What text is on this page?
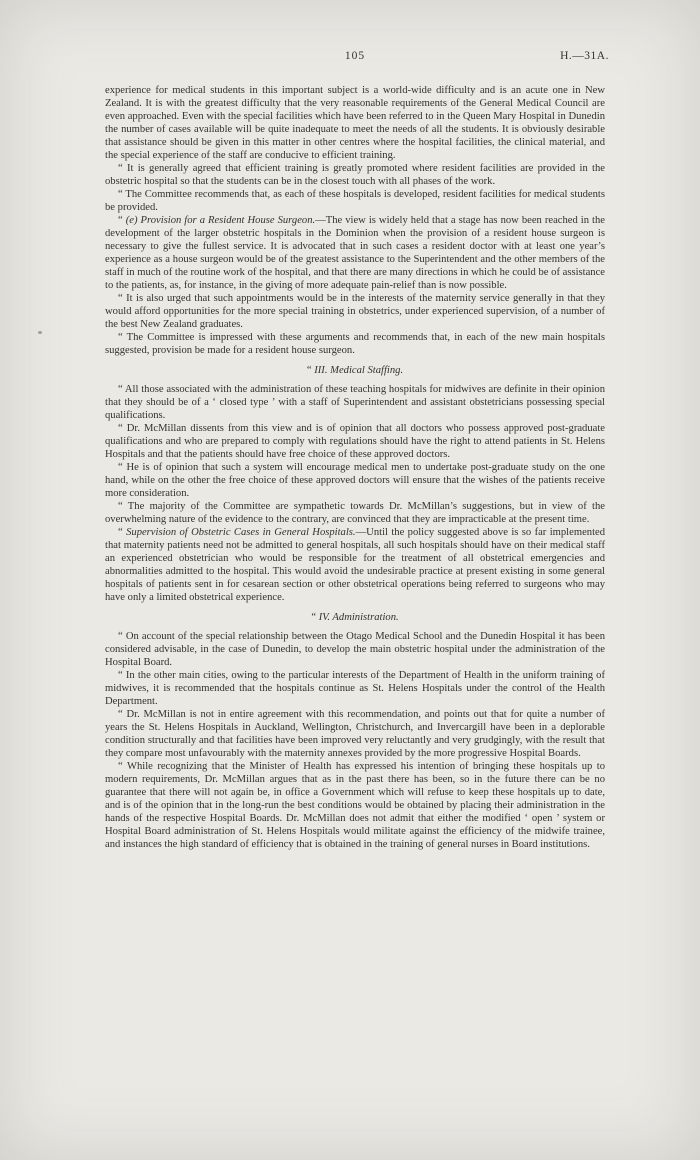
105	H.—31A.

experience for medical students in this important subject is a world-wide difficulty and is an acute one in New Zealand. It is with the greatest difficulty that the very reasonable requirements of the General Medical Council are even approached. Even with the special facilities which have been referred to in the Queen Mary Hospital in Dunedin the number of cases available will be quite inadequate to meet the needs of all the students. It is obviously desirable that assistance should be given in this matter in other centres where the hospital facilities, the clinical material, and the special experience of the staff are conducive to efficient training.

“ It is generally agreed that efficient training is greatly promoted where resident facilities are provided in the obstetric hospital so that the students can be in the closest touch with all phases of the work.

“ The Committee recommends that, as each of these hospitals is developed, resident facilities for medical students be provided.

“ (e) Provision for a Resident House Surgeon.—The view is widely held that a stage has now been reached in the development of the larger obstetric hospitals in the Dominion when the provision of a resident house surgeon is necessary to give the fullest service. It is advocated that in such cases a resident doctor with at least one year’s experience as a house surgeon would be of the greatest assistance to the Superintendent and the other members of the staff in much of the routine work of the hospital, and that there are many directions in which he could be of assistance to the patients, as, for instance, in the giving of more adequate pain-relief than is now possible.

“ It is also urged that such appointments would be in the interests of the maternity service generally in that they would afford opportunities for the more special training in obstetrics, under experienced supervision, of a number of the best New Zealand graduates.

“ The Committee is impressed with these arguments and recommends that, in each of the new main hospitals suggested, provision be made for a resident house surgeon.

“ III. Medical Staffing.

“ All those associated with the administration of these teaching hospitals for midwives are definite in their opinion that they should be of a ‘ closed type ’ with a staff of Superintendent and assistant obstetricians possessing special qualifications.

“ Dr. McMillan dissents from this view and is of opinion that all doctors who possess approved post-graduate qualifications and who are prepared to comply with regulations should have the right to attend patients in St. Helens Hospitals and that the patients should have free choice of these approved doctors.

“ He is of opinion that such a system will encourage medical men to undertake post-graduate study on the one hand, while on the other the free choice of these approved doctors will ensure that the wishes of the patients receive more consideration.

“ The majority of the Committee are sympathetic towards Dr. McMillan’s suggestions, but in view of the overwhelming nature of the evidence to the contrary, are convinced that they are impracticable at the present time.

“ Supervision of Obstetric Cases in General Hospitals.—Until the policy suggested above is so far implemented that maternity patients need not be admitted to general hospitals, all such hospitals should have on their medical staff an experienced obstetrician who would be responsible for the treatment of all obstetrical emergencies and abnormalities admitted to the hospital. This would avoid the undesirable practice at present existing in some general hospitals of patients sent in for cesarean section or other obstetrical operations being referred to surgeons who may have only a limited obstetrical experience.

“ IV. Administration.

“ On account of the special relationship between the Otago Medical School and the Dunedin Hospital it has been considered advisable, in the case of Dunedin, to develop the main obstetric hospital under the administration of the Hospital Board.

“ In the other main cities, owing to the particular interests of the Department of Health in the uniform training of midwives, it is recommended that the hospitals continue as St. Helens Hospitals under the control of the Health Department.

“ Dr. McMillan is not in entire agreement with this recommendation, and points out that for quite a number of years the St. Helens Hospitals in Auckland, Wellington, Christchurch, and Invercargill have been in a deplorable condition structurally and that facilities have been improved very reluctantly and very grudgingly, with the result that they compare most unfavourably with the maternity annexes provided by the more progressive Hospital Boards.

“ While recognizing that the Minister of Health has expressed his intention of bringing these hospitals up to modern requirements, Dr. McMillan argues that as in the past there has been, so in the future there can be no guarantee that there will not again be, in office a Government which will refuse to keep these hospitals up to date, and is of the opinion that in the long-run the best conditions would be obtained by placing their administration in the hands of the respective Hospital Boards. Dr. McMillan does not admit that either the modified ‘ open ’ system or Hospital Board administration of St. Helens Hospitals would militate against the efficiency of the midwife trainee, and instances the high standard of efficiency that is obtained in the training of general nurses in Board institutions.
